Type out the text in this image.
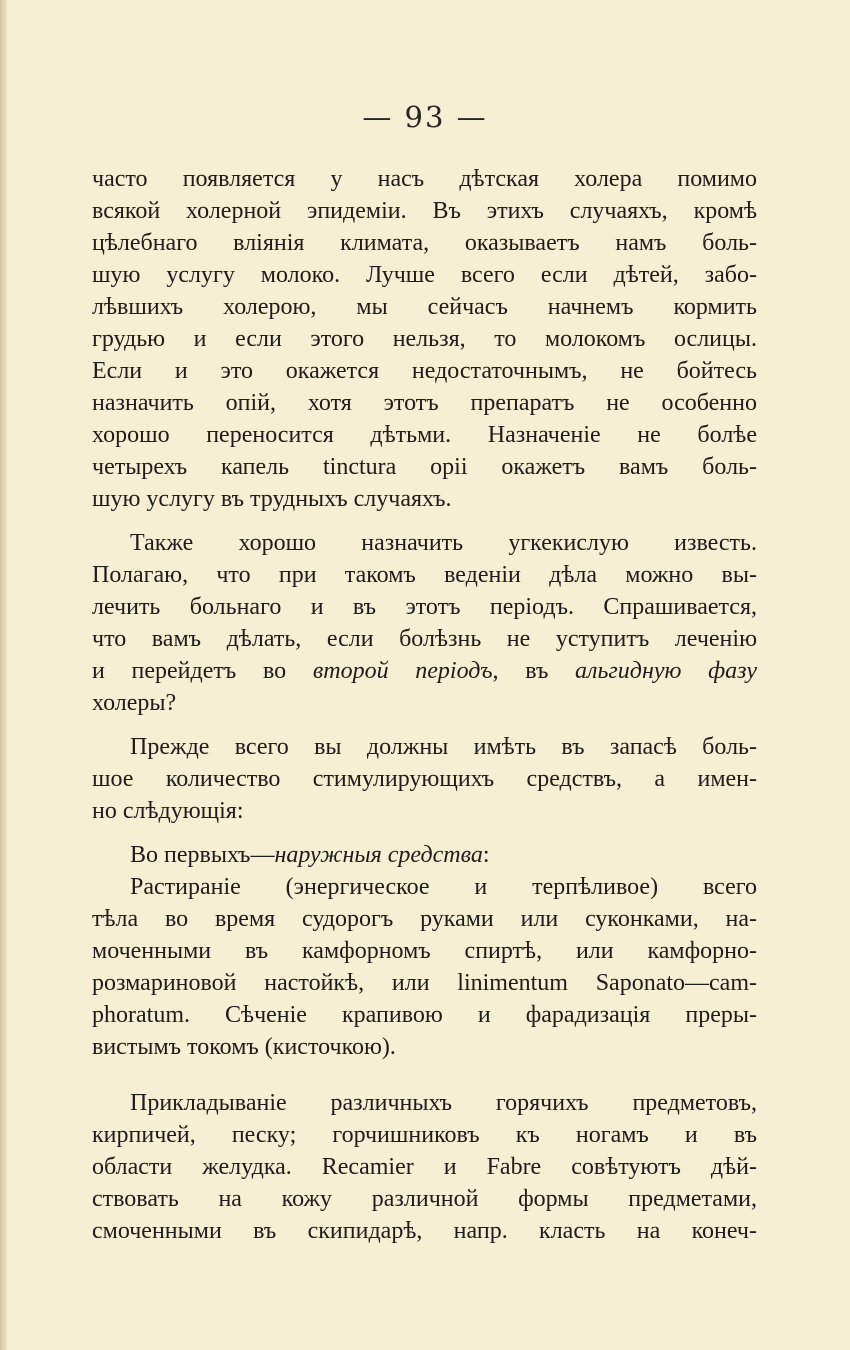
— 93 —
часто появляется у насъ дѣтская холера помимо
всякой холерной эпидеміи. Въ этихъ случаяхъ, кромѣ
цѣлебнаго вліянія климата, оказываетъ намъ боль-
шую услугу молоко. Лучше всего если дѣтей, забо-
лѣвшихъ холерою, мы сейчасъ начнемъ кормить
грудью и если этого нельзя, то молокомъ ослицы.
Если и это окажется недостаточнымъ, не бойтесь
назначить опій, хотя этотъ препаратъ не особенно
хорошо переносится дѣтьми. Назначеніе не болѣе
четырехъ капель tinctura opii окажетъ вамъ боль-
шую услугу въ трудныхъ случаяхъ.
Также хорошо назначить угкекислую известь.
Полагаю, что при такомъ веденіи дѣла можно вы-
лечить больнаго и въ этотъ періодъ. Спрашивается,
что вамъ дѣлать, если болѣзнь не уступитъ леченію
и перейдетъ во второй періодъ, въ альгидную фазу
холеры?
Прежде всего вы должны имѣть въ запасѣ боль-
шое количество стимулирующихъ средствъ, а имен-
но слѣдующія:
Во первыхъ—наружныя средства:
Растираніе (энергическое и терпѣливое) всего
тѣла во время судорогъ руками или суконками, на-
моченными въ камфорномъ спиртѣ, или камфорно-
розмариновой настойкѣ, или linimentum Saponato—cam-
phoratum. Сѣченіе крапивою и фарадизація преры-
вистымъ токомъ (кисточкою).
Прикладываніе различныхъ горячихъ предметовъ,
кирпичей, песку; горчишниковъ къ ногамъ и въ
области желудка. Recamier и Fabre совѣтуютъ дѣй-
ствовать на кожу различной формы предметами,
смоченными въ скипидарѣ, напр. класть на конеч-
